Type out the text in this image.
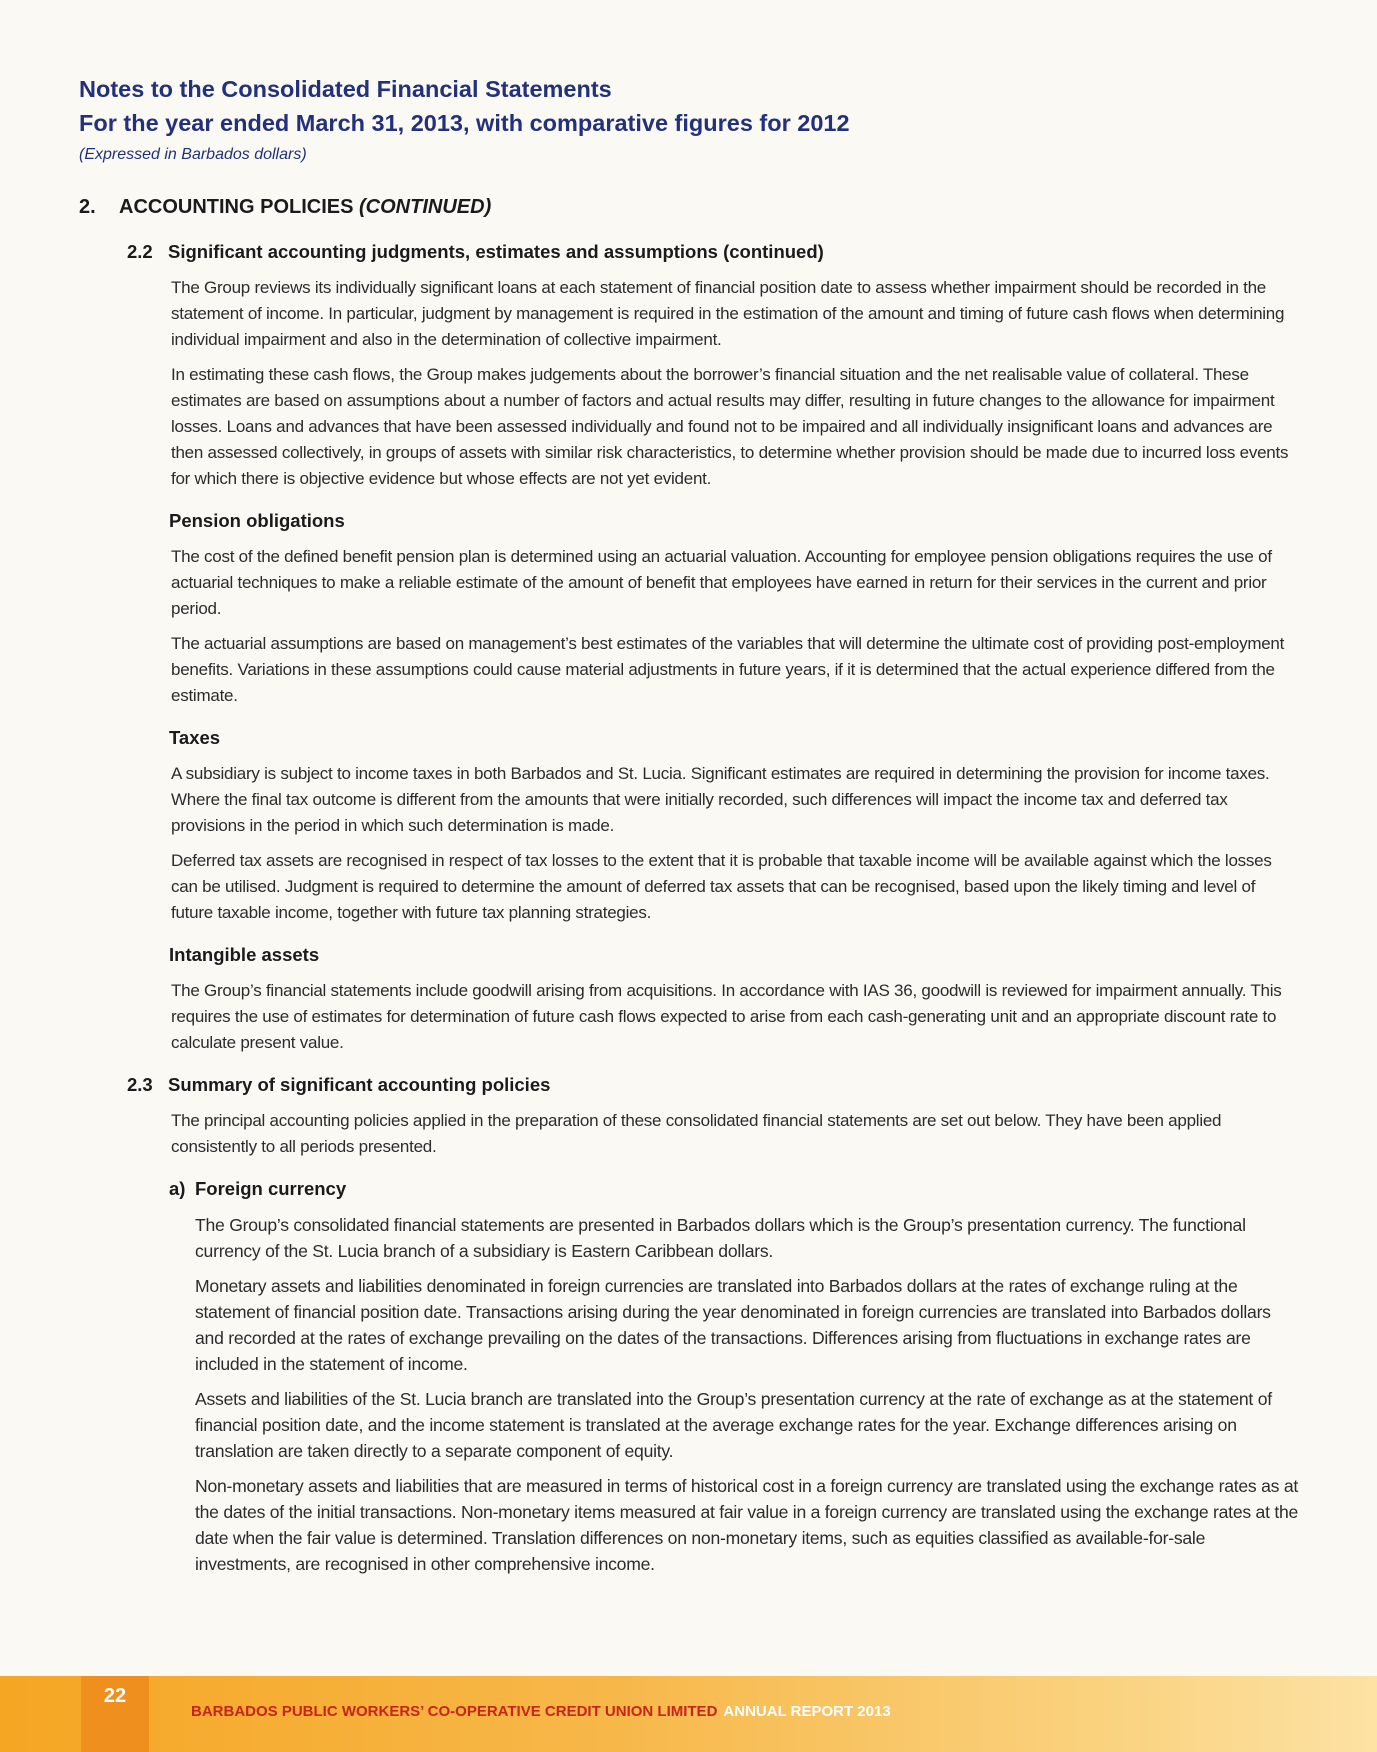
Notes to the Consolidated Financial Statements
For the year ended March 31, 2013, with comparative figures for 2012
(Expressed in Barbados dollars)
2. ACCOUNTING POLICIES (CONTINUED)
2.2 Significant accounting judgments, estimates and assumptions (continued)

The Group reviews its individually significant loans at each statement of financial position date to assess whether impairment should be recorded in the statement of income. In particular, judgment by management is required in the estimation of the amount and timing of future cash flows when determining individual impairment and also in the determination of collective impairment.

In estimating these cash flows, the Group makes judgements about the borrower’s financial situation and the net realisable value of collateral. These estimates are based on assumptions about a number of factors and actual results may differ, resulting in future changes to the allowance for impairment losses. Loans and advances that have been assessed individually and found not to be impaired and all individually insignificant loans and advances are then assessed collectively, in groups of assets with similar risk characteristics, to determine whether provision should be made due to incurred loss events for which there is objective evidence but whose effects are not yet evident.

Pension obligations

The cost of the defined benefit pension plan is determined using an actuarial valuation. Accounting for employee pension obligations requires the use of actuarial techniques to make a reliable estimate of the amount of benefit that employees have earned in return for their services in the current and prior period.

The actuarial assumptions are based on management’s best estimates of the variables that will determine the ultimate cost of providing post-employment benefits. Variations in these assumptions could cause material adjustments in future years, if it is determined that the actual experience differed from the estimate.

Taxes

A subsidiary is subject to income taxes in both Barbados and St. Lucia. Significant estimates are required in determining the provision for income taxes. Where the final tax outcome is different from the amounts that were initially recorded, such differences will impact the income tax and deferred tax provisions in the period in which such determination is made.

Deferred tax assets are recognised in respect of tax losses to the extent that it is probable that taxable income will be available against which the losses can be utilised. Judgment is required to determine the amount of deferred tax assets that can be recognised, based upon the likely timing and level of future taxable income, together with future tax planning strategies.

Intangible assets

The Group’s financial statements include goodwill arising from acquisitions. In accordance with IAS 36, goodwill is reviewed for impairment annually. This requires the use of estimates for determination of future cash flows expected to arise from each cash-generating unit and an appropriate discount rate to calculate present value.

2.3 Summary of significant accounting policies

The principal accounting policies applied in the preparation of these consolidated financial statements are set out below. They have been applied consistently to all periods presented.

a) Foreign currency

The Group’s consolidated financial statements are presented in Barbados dollars which is the Group’s presentation currency. The functional currency of the St. Lucia branch of a subsidiary is Eastern Caribbean dollars.

Monetary assets and liabilities denominated in foreign currencies are translated into Barbados dollars at the rates of exchange ruling at the statement of financial position date. Transactions arising during the year denominated in foreign currencies are translated into Barbados dollars and recorded at the rates of exchange prevailing on the dates of the transactions. Differences arising from fluctuations in exchange rates are included in the statement of income.

Assets and liabilities of the St. Lucia branch are translated into the Group’s presentation currency at the rate of exchange as at the statement of financial position date, and the income statement is translated at the average exchange rates for the year. Exchange differences arising on translation are taken directly to a separate component of equity.

Non-monetary assets and liabilities that are measured in terms of historical cost in a foreign currency are translated using the exchange rates as at the dates of the initial transactions. Non-monetary items measured at fair value in a foreign currency are translated using the exchange rates at the date when the fair value is determined. Translation differences on non-monetary items, such as equities classified as available-for-sale investments, are recognised in other comprehensive income.

22
BARBADOS PUBLIC WORKERS’ CO-OPERATIVE CREDIT UNION LIMITED ANNUAL REPORT 2013
